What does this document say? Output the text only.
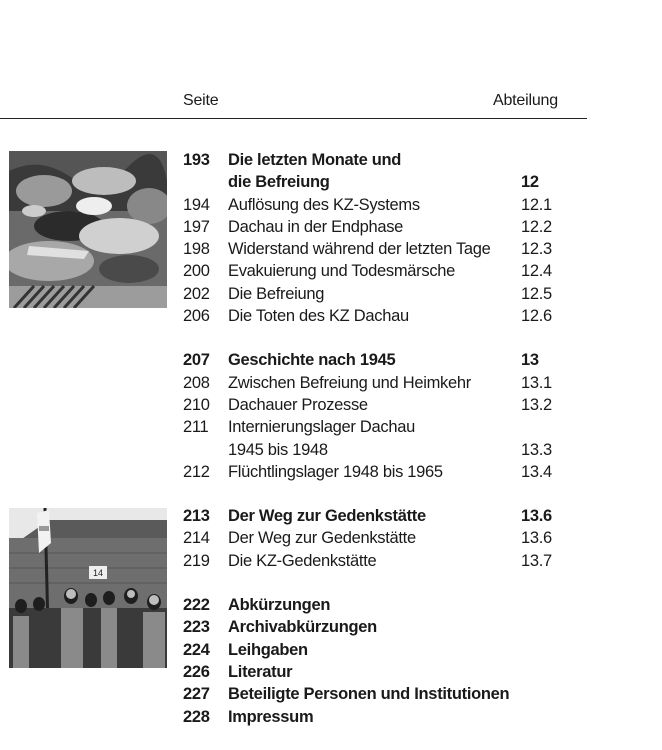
Seite	Abteilung
14
193 Die letzten Monate und
die Befreiung	12
194 Auflösung des KZ-Systems	12.1
197 Dachau in der Endphase	12.2
198 Widerstand während der letzten Tage 12.3
200 Evakuierung und Todesmärsche	12.4
202 Die Befreiung	12.5
206 Die Toten des KZ Dachau	12.6
207 Geschichte nach 1945	13
208 Zwischen Befreiung und Heimkehr	13.1
210 Dachauer Prozesse	13.2
211 Internierungslager Dachau
1945 bis 1948	13.3
212 Flüchtlingslager 1948 bis 1965	13.4
213 Der Weg zur Gedenkstätte	13.6
214 Der Weg zur Gedenkstätte	13.6
219 Die KZ-Gedenkstätte	13.7
222 Abkürzungen
223 Archivabkürzungen
224 Leihgaben
226 Literatur
227 Beteiligte Personen und Institutionen
228 Impressum
